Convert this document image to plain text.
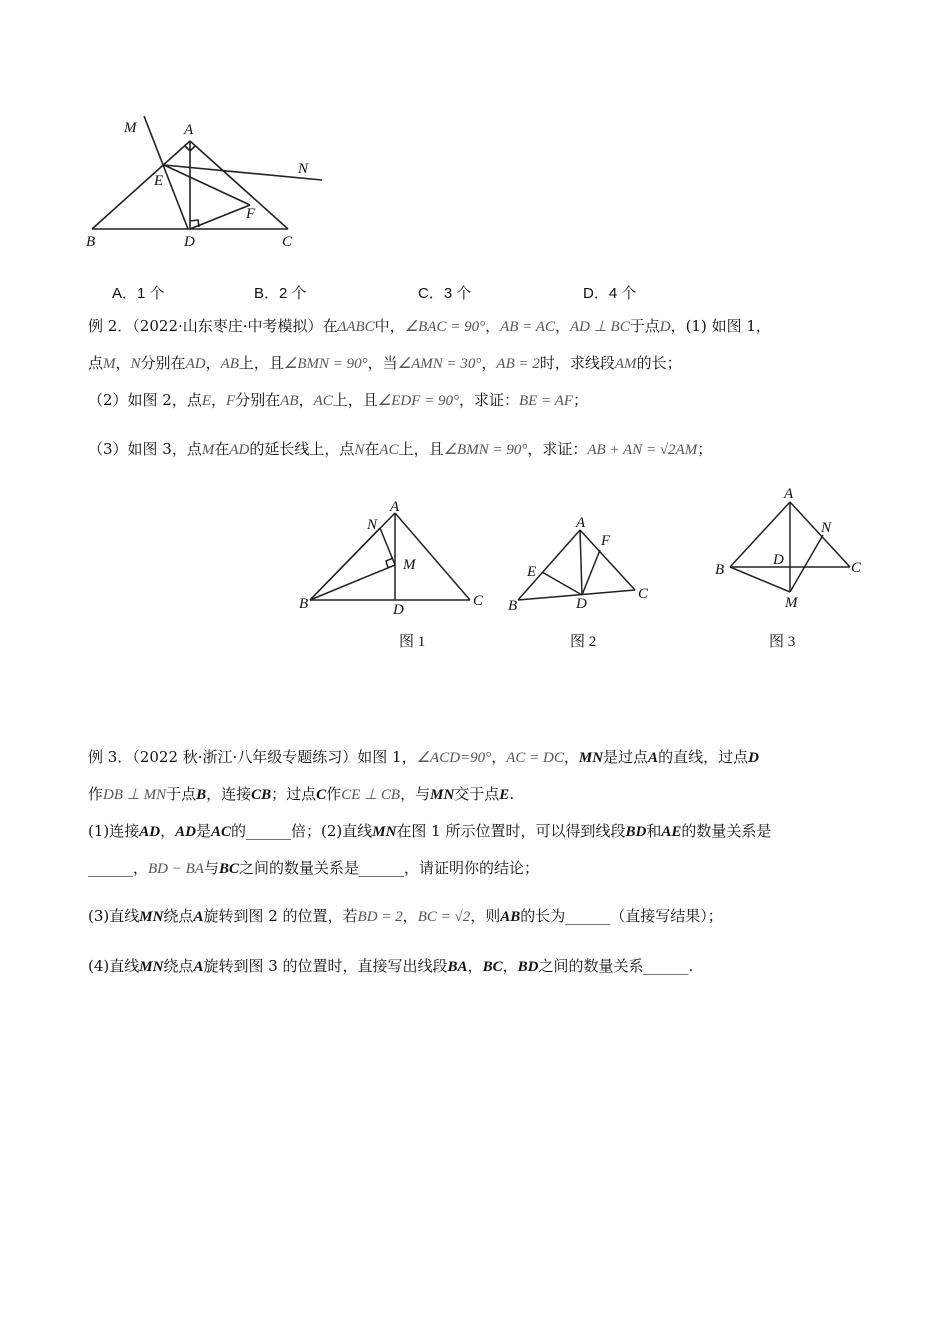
M	A
N
E
F
B	D	C
A．1 个	B．2 个	C．3 个	D．4 个
例 2．（2022·山东枣庄·中考模拟）在ΔABC中，∠BAC = 90°，AB = AC，AD ⊥ BC于点D，(1) 如图 1，
点M，N分别在AD，AB上，且∠BMN = 90°，当∠AMN = 30°，AB = 2时，求线段AM的长；
（2）如图 2，点E，F分别在AB，AC上，且∠EDF = 90°，求证：BE = AF；
（3）如图 3，点M在AD的延长线上，点N在AC上，且∠BMN = 90°，求证：AB + AN = √2AM；
N
A
M
B	D
C
图 1
A
F
E
B	D
C
图 2
A
N
D
B	C
M
图 3
例 3．（2022 秋·浙江·八年级专题练习）如图 1，∠ACD=90°，AC = DC，MN是过点A的直线，过点D
作DB ⊥ MN于点B，连接CB；过点C作CE ⊥ CB，与MN交于点E.
(1)连接AD，AD是AC的______倍；(2)直线MN在图 1 所示位置时，可以得到线段BD和AE的数量关系是
______，BD − BA与BC之间的数量关系是______，请证明你的结论；
(3)直线MN绕点A旋转到图 2 的位置，若BD = 2，BC = √2，则AB的长为______（直接写结果）；
(4)直线MN绕点A旋转到图 3 的位置时，直接写出线段BA，BC，BD之间的数量关系______.
